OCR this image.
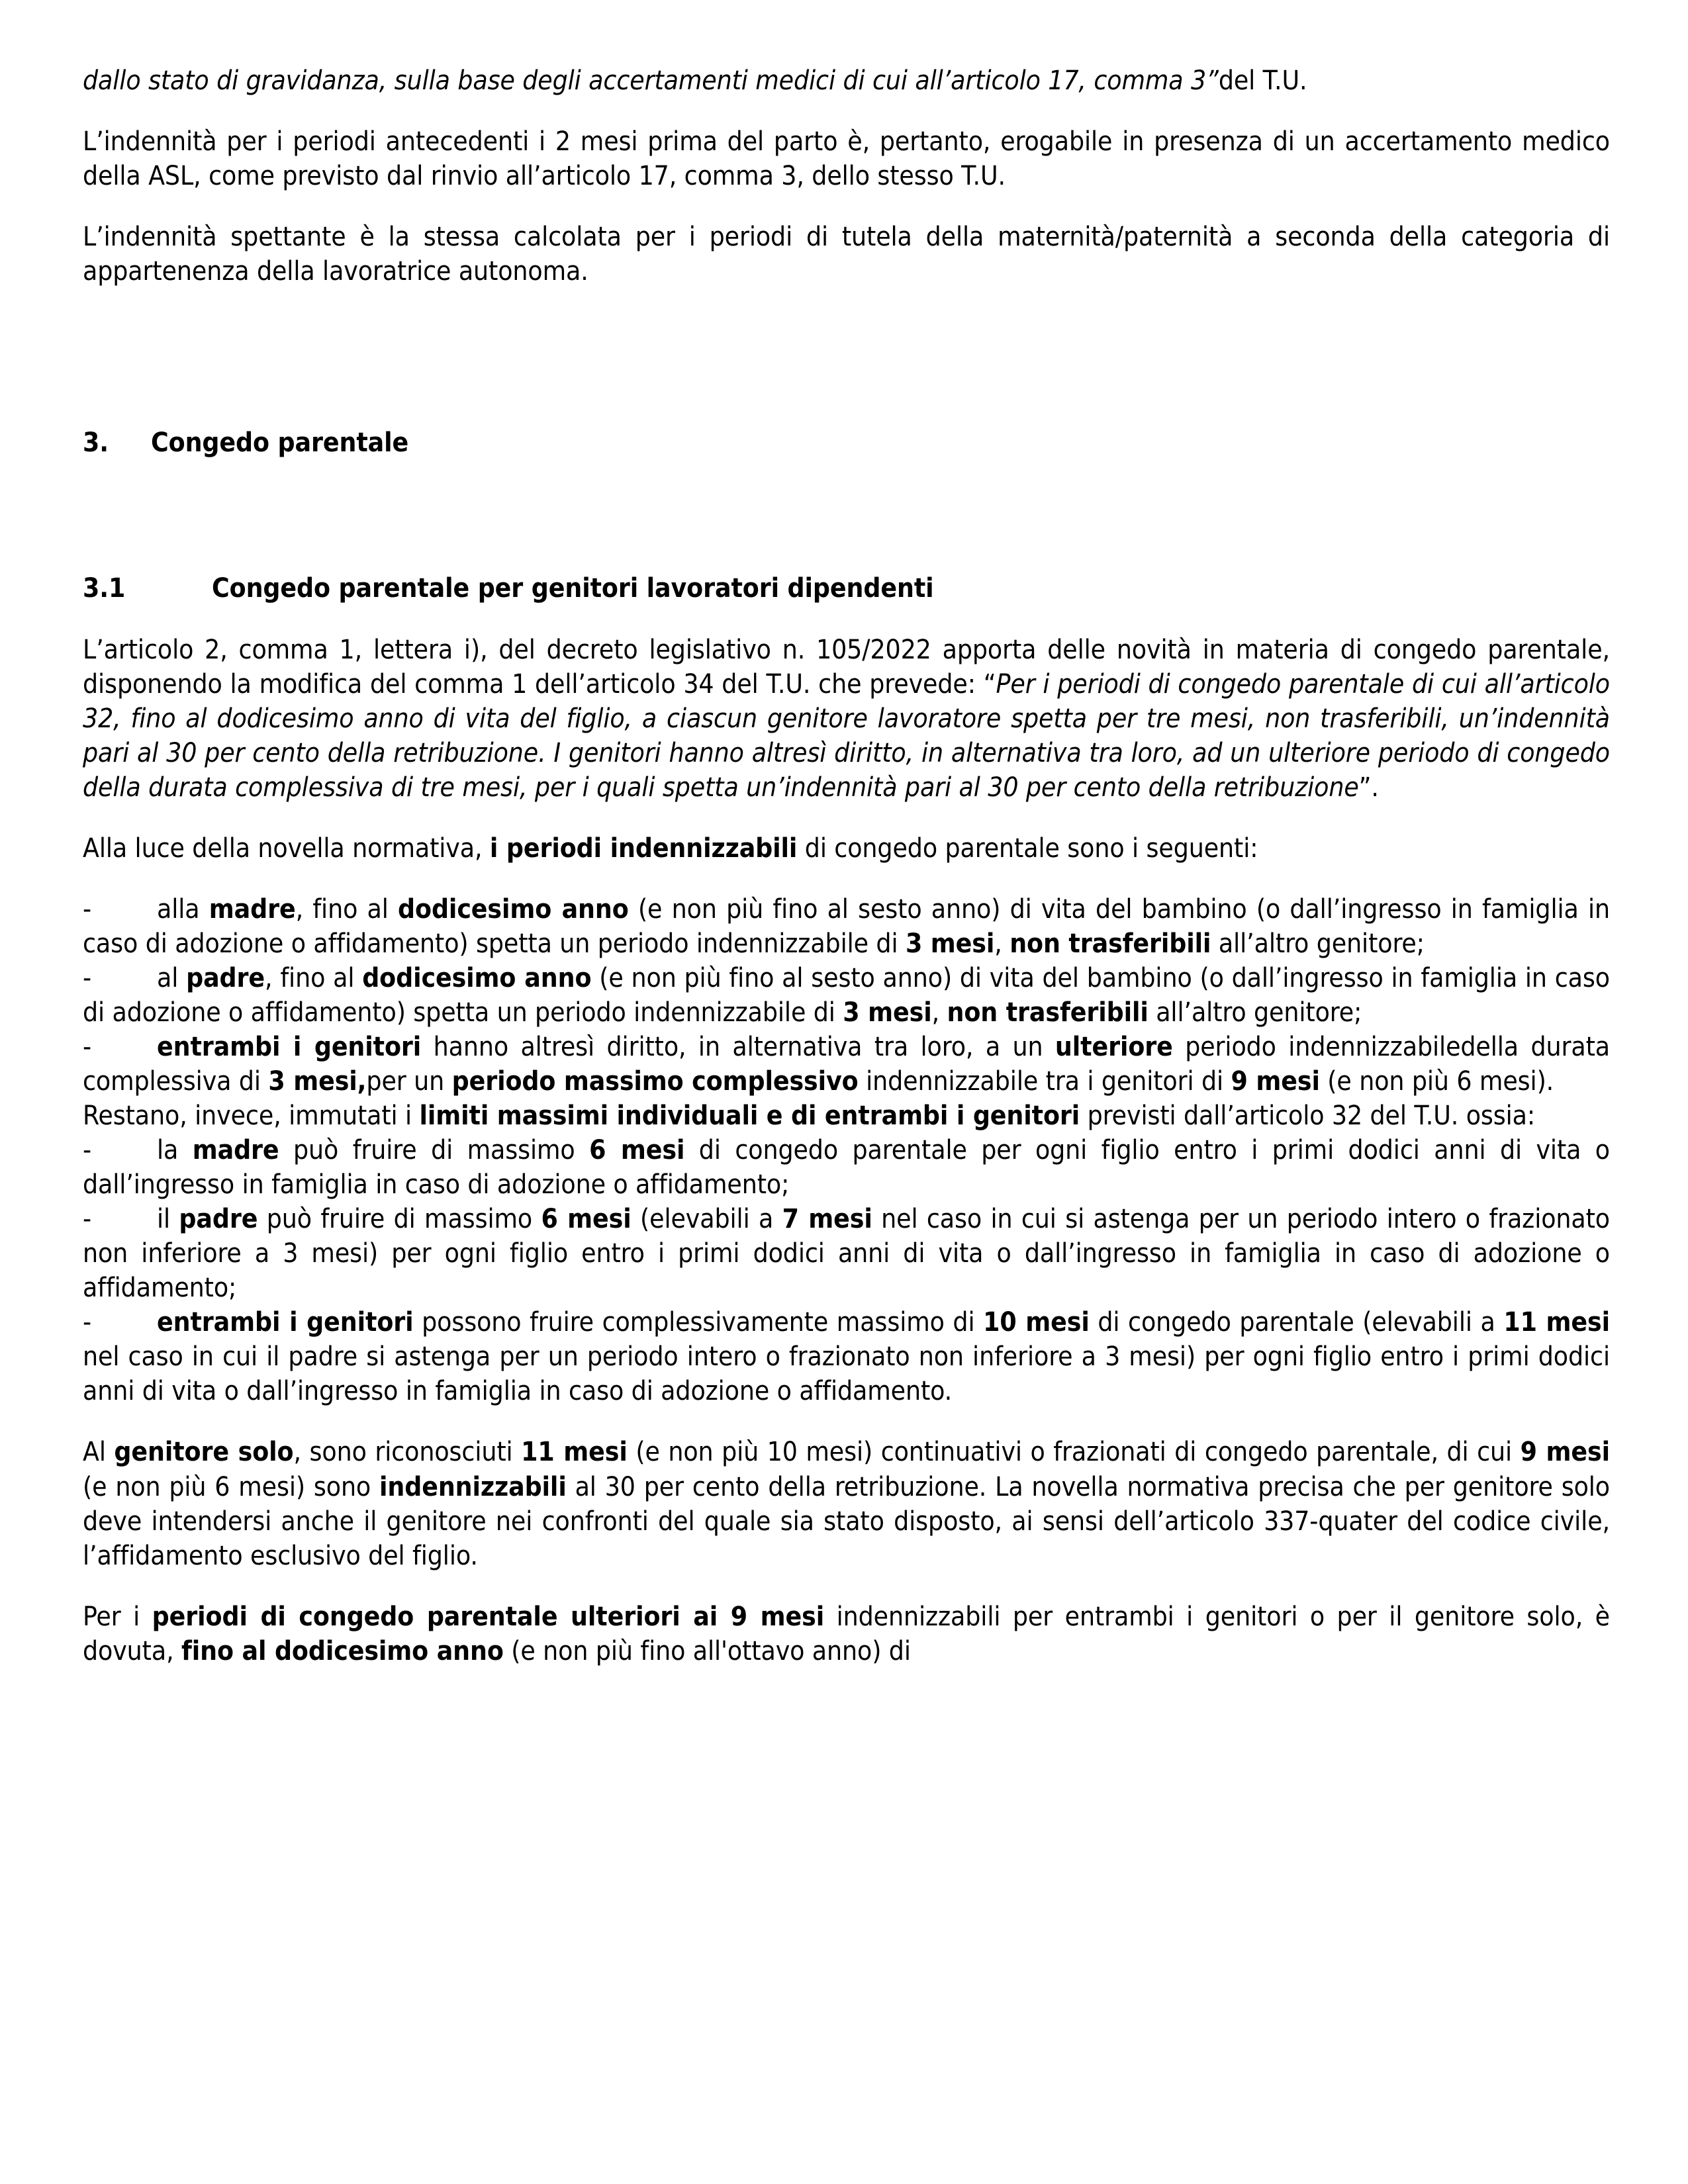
dallo stato di gravidanza, sulla base degli accertamenti medici di cui all’articolo 17, comma 3”del T.U.

L’indennità per i periodi antecedenti i 2 mesi prima del parto è, pertanto, erogabile in presenza di un accertamento medico della ASL, come previsto dal rinvio all’articolo 17, comma 3, dello stesso T.U.

L’indennità spettante è la stessa calcolata per i periodi di tutela della maternità/paternità a seconda della categoria di appartenenza della lavoratrice autonoma.

3. Congedo parentale
3.1	Congedo parentale per genitori lavoratori dipendenti

L’articolo 2, comma 1, lettera i), del decreto legislativo n. 105/2022 apporta delle novità in materia di congedo parentale, disponendo la modifica del comma 1 dell’articolo 34 del T.U. che prevede: “Per i periodi di congedo parentale di cui all’articolo 32, fino al dodicesimo anno di vita del figlio, a ciascun genitore lavoratore spetta per tre mesi, non trasferibili, un’indennità pari al 30 per cento della retribuzione. I genitori hanno altresì diritto, in alternativa tra loro, ad un ulteriore periodo di congedo della durata complessiva di tre mesi, per i quali spetta un’indennità pari al 30 per cento della retribuzione”.

Alla luce della novella normativa, i periodi indennizzabili di congedo parentale sono i seguenti:

- alla madre, fino al dodicesimo anno (e non più fino al sesto anno) di vita del bambino (o dall’ingresso in famiglia in caso di adozione o affidamento) spetta un periodo indennizzabile di 3 mesi, non trasferibili all’altro genitore;

- al padre, fino al dodicesimo anno (e non più fino al sesto anno) di vita del bambino (o dall’ingresso in famiglia in caso di adozione o affidamento) spetta un periodo indennizzabile di 3 mesi, non trasferibili all’altro genitore;

- entrambi i genitori hanno altresì diritto, in alternativa tra loro, a un ulteriore periodo indennizzabiledella durata complessiva di 3 mesi,per un periodo massimo complessivo indennizzabile tra i genitori di 9 mesi (e non più 6 mesi).

Restano, invece, immutati i limiti massimi individuali e di entrambi i genitori previsti dall’articolo 32 del T.U. ossia:

- la madre può fruire di massimo 6 mesi di congedo parentale per ogni figlio entro i primi dodici anni di vita o dall’ingresso in famiglia in caso di adozione o affidamento;

- il padre può fruire di massimo 6 mesi (elevabili a 7 mesi nel caso in cui si astenga per un periodo intero o frazionato non inferiore a 3 mesi) per ogni figlio entro i primi dodici anni di vita o dall’ingresso in famiglia in caso di adozione o affidamento;

- entrambi i genitori possono fruire complessivamente massimo di 10 mesi di congedo parentale (elevabili a 11 mesi nel caso in cui il padre si astenga per un periodo intero o frazionato non inferiore a 3 mesi) per ogni figlio entro i primi dodici anni di vita o dall’ingresso in famiglia in caso di adozione o affidamento.

Al genitore solo, sono riconosciuti 11 mesi (e non più 10 mesi) continuativi o frazionati di congedo parentale, di cui 9 mesi (e non più 6 mesi) sono indennizzabili al 30 per cento della retribuzione. La novella normativa precisa che per genitore solo deve intendersi anche il genitore nei confronti del quale sia stato disposto, ai sensi dell’articolo 337-quater del codice civile, l’affidamento esclusivo del figlio.

Per i periodi di congedo parentale ulteriori ai 9 mesi indennizzabili per entrambi i genitori o per il genitore solo, è dovuta, fino al dodicesimo anno (e non più fino all'ottavo anno) di
